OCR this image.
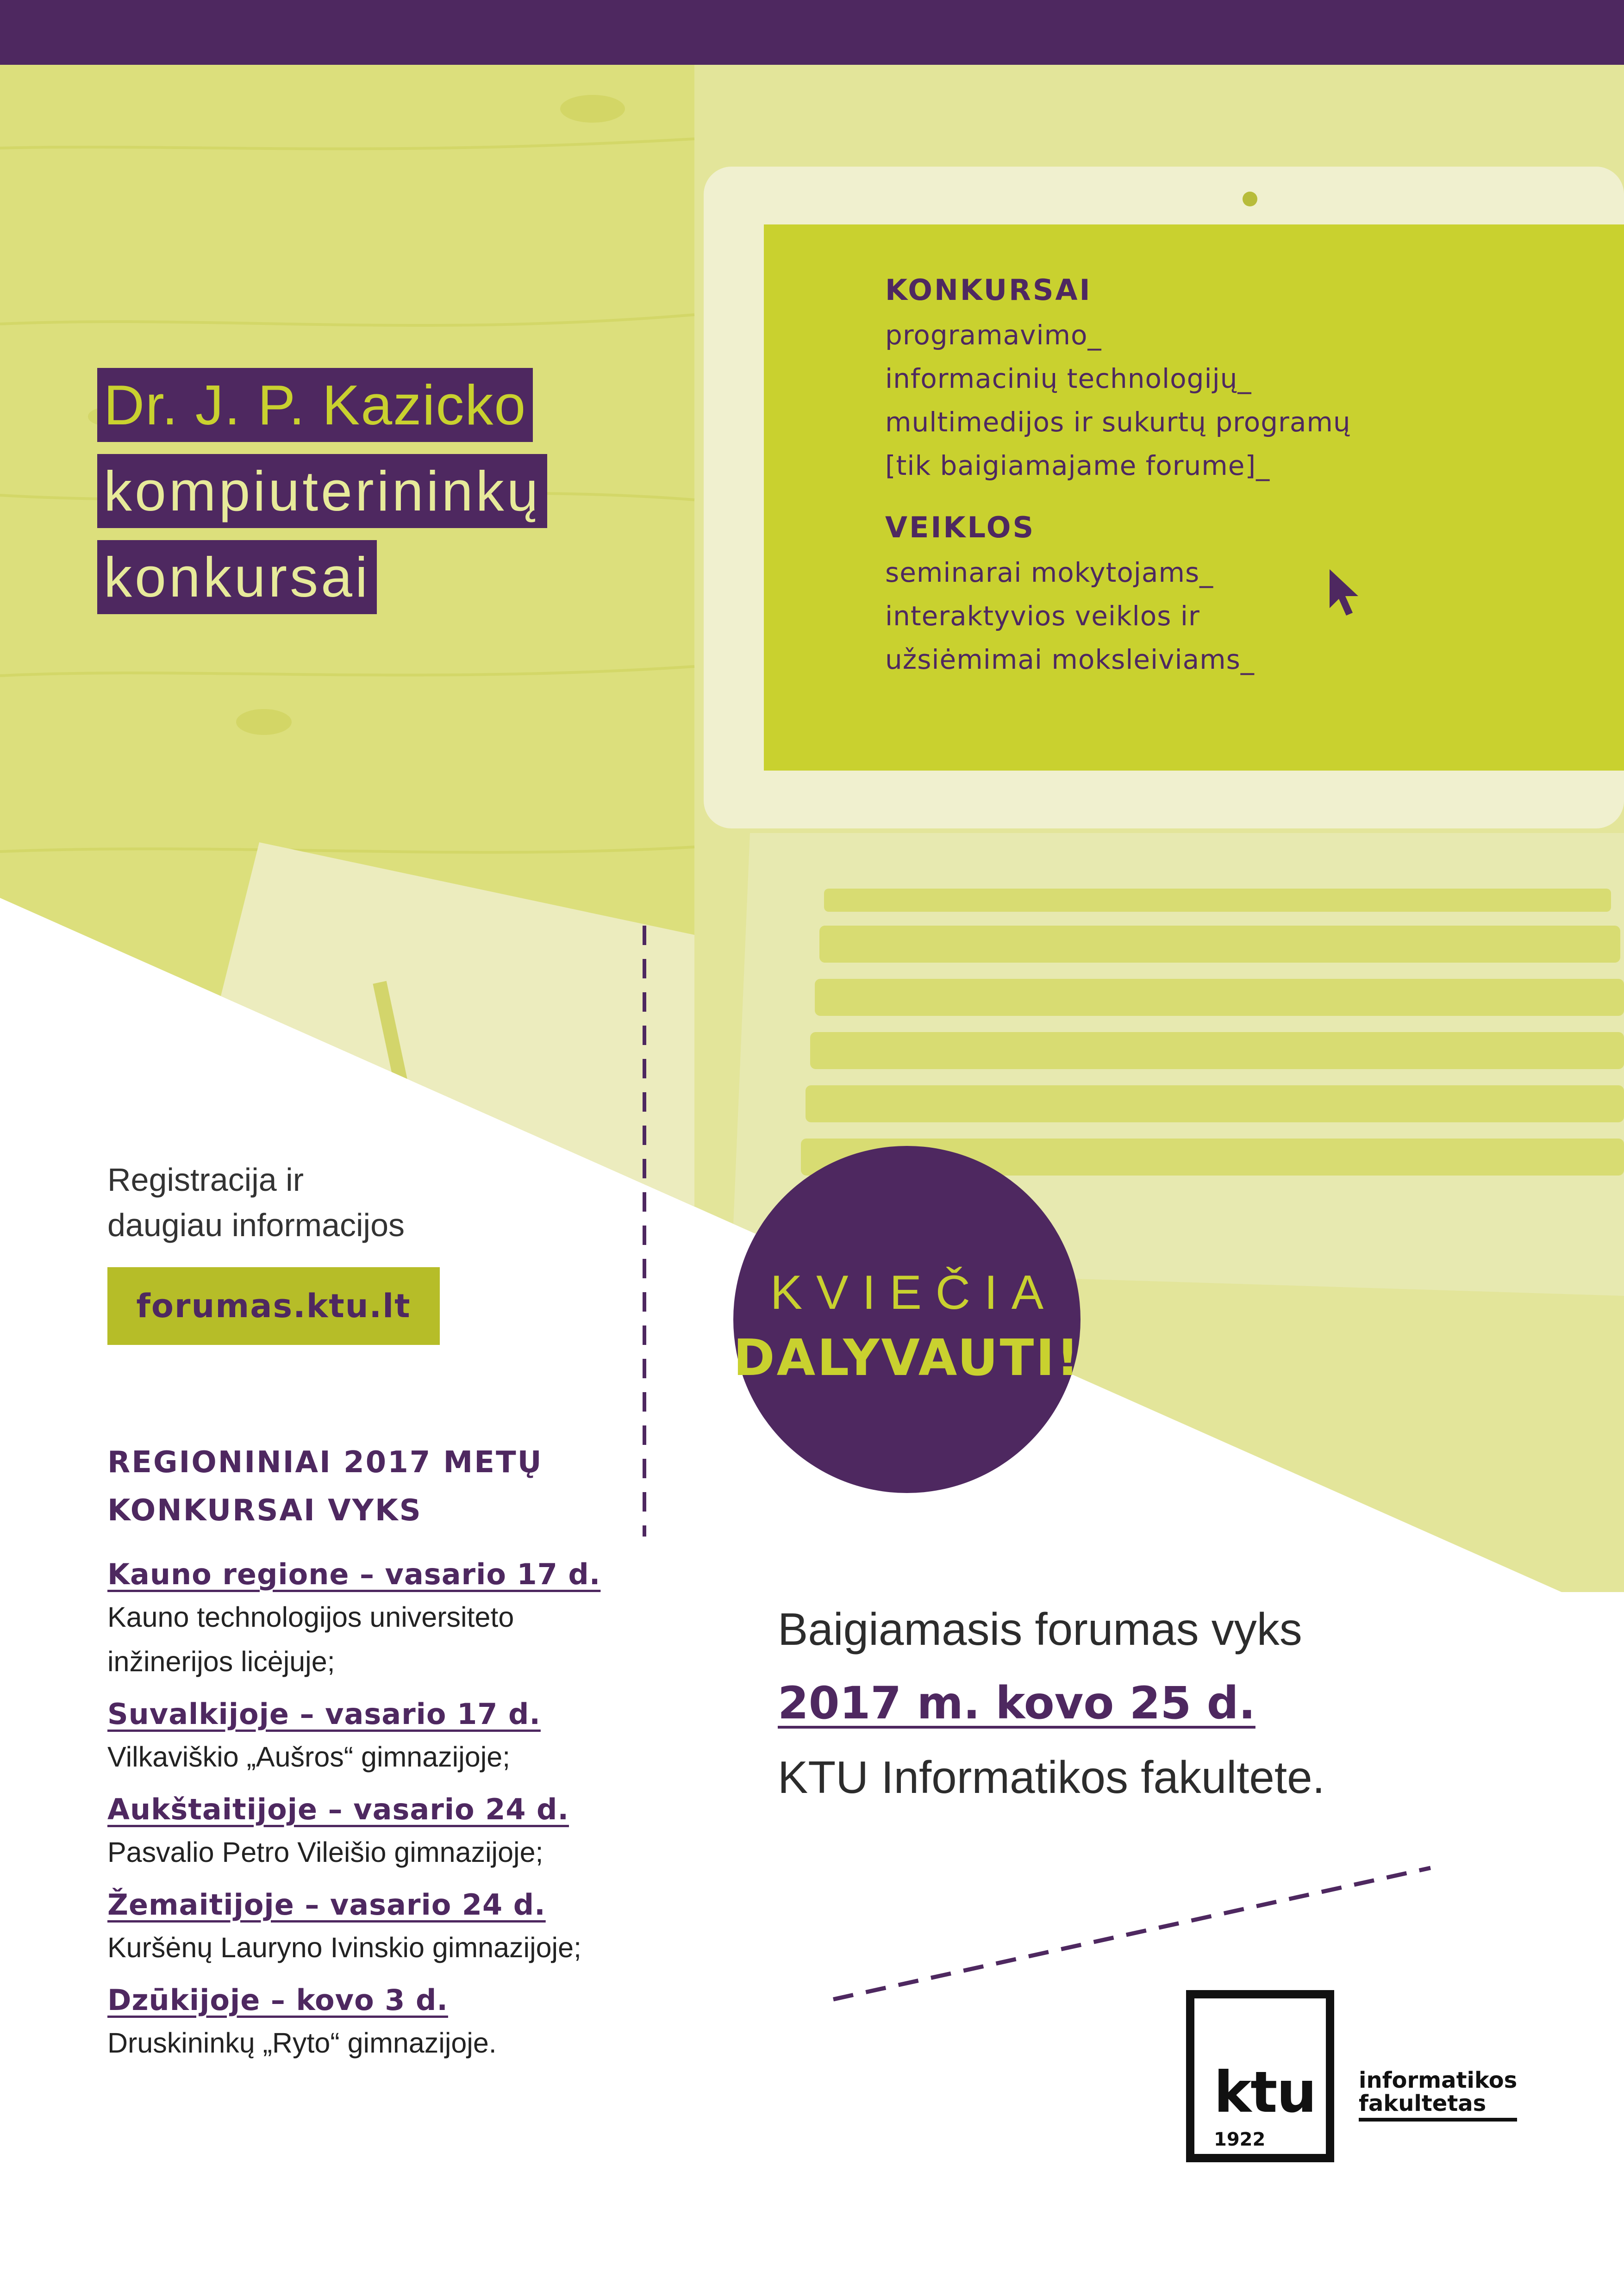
Dr. J. P. Kazicko
kompiuterininkų
konkursai
KONKURSAI
programavimo_
informacinių technologijų_
multimedijos ir sukurtų programų
[tik baigiamajame forume]_
VEIKLOS
seminarai mokytojams_
interaktyvios veiklos ir
užsiėmimai moksleiviams_
Registracija ir
daugiau informacijos
forumas.ktu.lt
REGIONINIAI 2017 METŲ
KONKURSAI VYKS
Kauno regione – vasario 17 d.
Kauno technologijos universiteto
inžinerijos licėjuje;
Suvalkijoje – vasario 17 d.
Vilkaviškio „Aušros“ gimnazijoje;
Aukštaitijoje – vasario 24 d.
Pasvalio Petro Vileišio gimnazijoje;
Žemaitijoje – vasario 24 d.
Kuršėnų Lauryno Ivinskio gimnazijoje;
Dzūkijoje – kovo 3 d.
Druskininkų „Ryto“ gimnazijoje.
KVIEČIA
DALYVAUTI!
Baigiamasis forumas vyks
2017 m. kovo 25 d.
KTU Informatikos fakultete.
ktu
1922
informatikos
fakultetas
